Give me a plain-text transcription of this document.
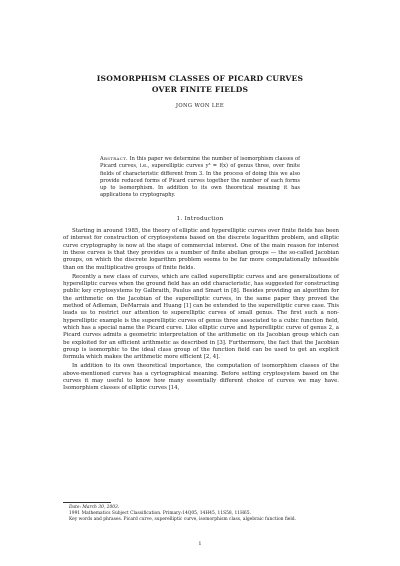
ISOMORPHISM CLASSES OF PICARD CURVES
OVER FINITE FIELDS
JONG WON LEE
Abstract. In this paper we determine the number of isomorphism classes of Picard curves, i.e., superelliptic curves y³ = f(x) of genus three, over finite fields of characteristic different from 3. In the process of doing this we also provide reduced forms of Picard curves together the number of each forms up to isomorphism. In addition to its own theoretical meaning it has applications to cryptography.
1. Introduction

Starting in around 1985, the theory of elliptic and hyperelliptic curves over finite fields has been of interest for construction of cryptosystems based on the discrete logarithm problem, and elliptic curve cryptography is now at the stage of commercial interest. One of the main reason for interest in these curves is that they provides us a number of finite abelian groups — the so-called Jacobian groups, on which the discrete logarithm problem seems to be far more computationally infeasible than on the multiplicative groups of finite fields.

Recently a new class of curves, which are called superelliptic curves and are generalizations of hyperelliptic curves when the ground field has an odd characteristic, has suggested for constructing public key cryptosystems by Galbraith, Paulus and Smart in [8]. Besides providing an algorithm for the arithmetic on the Jacobian of the superelliptic curves, in the same paper they proved the method of Adleman, DeMarrais and Huang [1] can be extended to the superelliptic curve case. This leads us to restrict our attention to superelliptic curves of small genus. The first such a non-hyperelliptic example is the superelliptic curves of genus three associated to a cubic function field, which has a special name the Picard curve. Like elliptic curve and hyperelliptic curve of genus 2, a Picard curves admits a geometric interpretation of the arithmetic on its Jacobian group which can be exploited for an efficient arithmetic as described in [3]. Furthermore, the fact that the Jacobian group is isomorphic to the ideal class group of the function field can be used to get an explicit formula which makes the arithmetic more efficient [2, 4].

In addition to its own theoretical importance, the computation of isomorphism classes of the above-mentioned curves has a cyrtographical meaning. Before setting cryptosystem based on the curves it may useful to know how many essentially different choice of curves we may have. Isomorphism classes of elliptic curves [14,

Date: March 30, 2003.
1991 Mathematics Subject Classification. Primary:14Q05, 14H45, 11S58, 11H65.
Key words and phrases. Picard curve, superelliptic curve, isomorphism class, algebraic function field.
1
